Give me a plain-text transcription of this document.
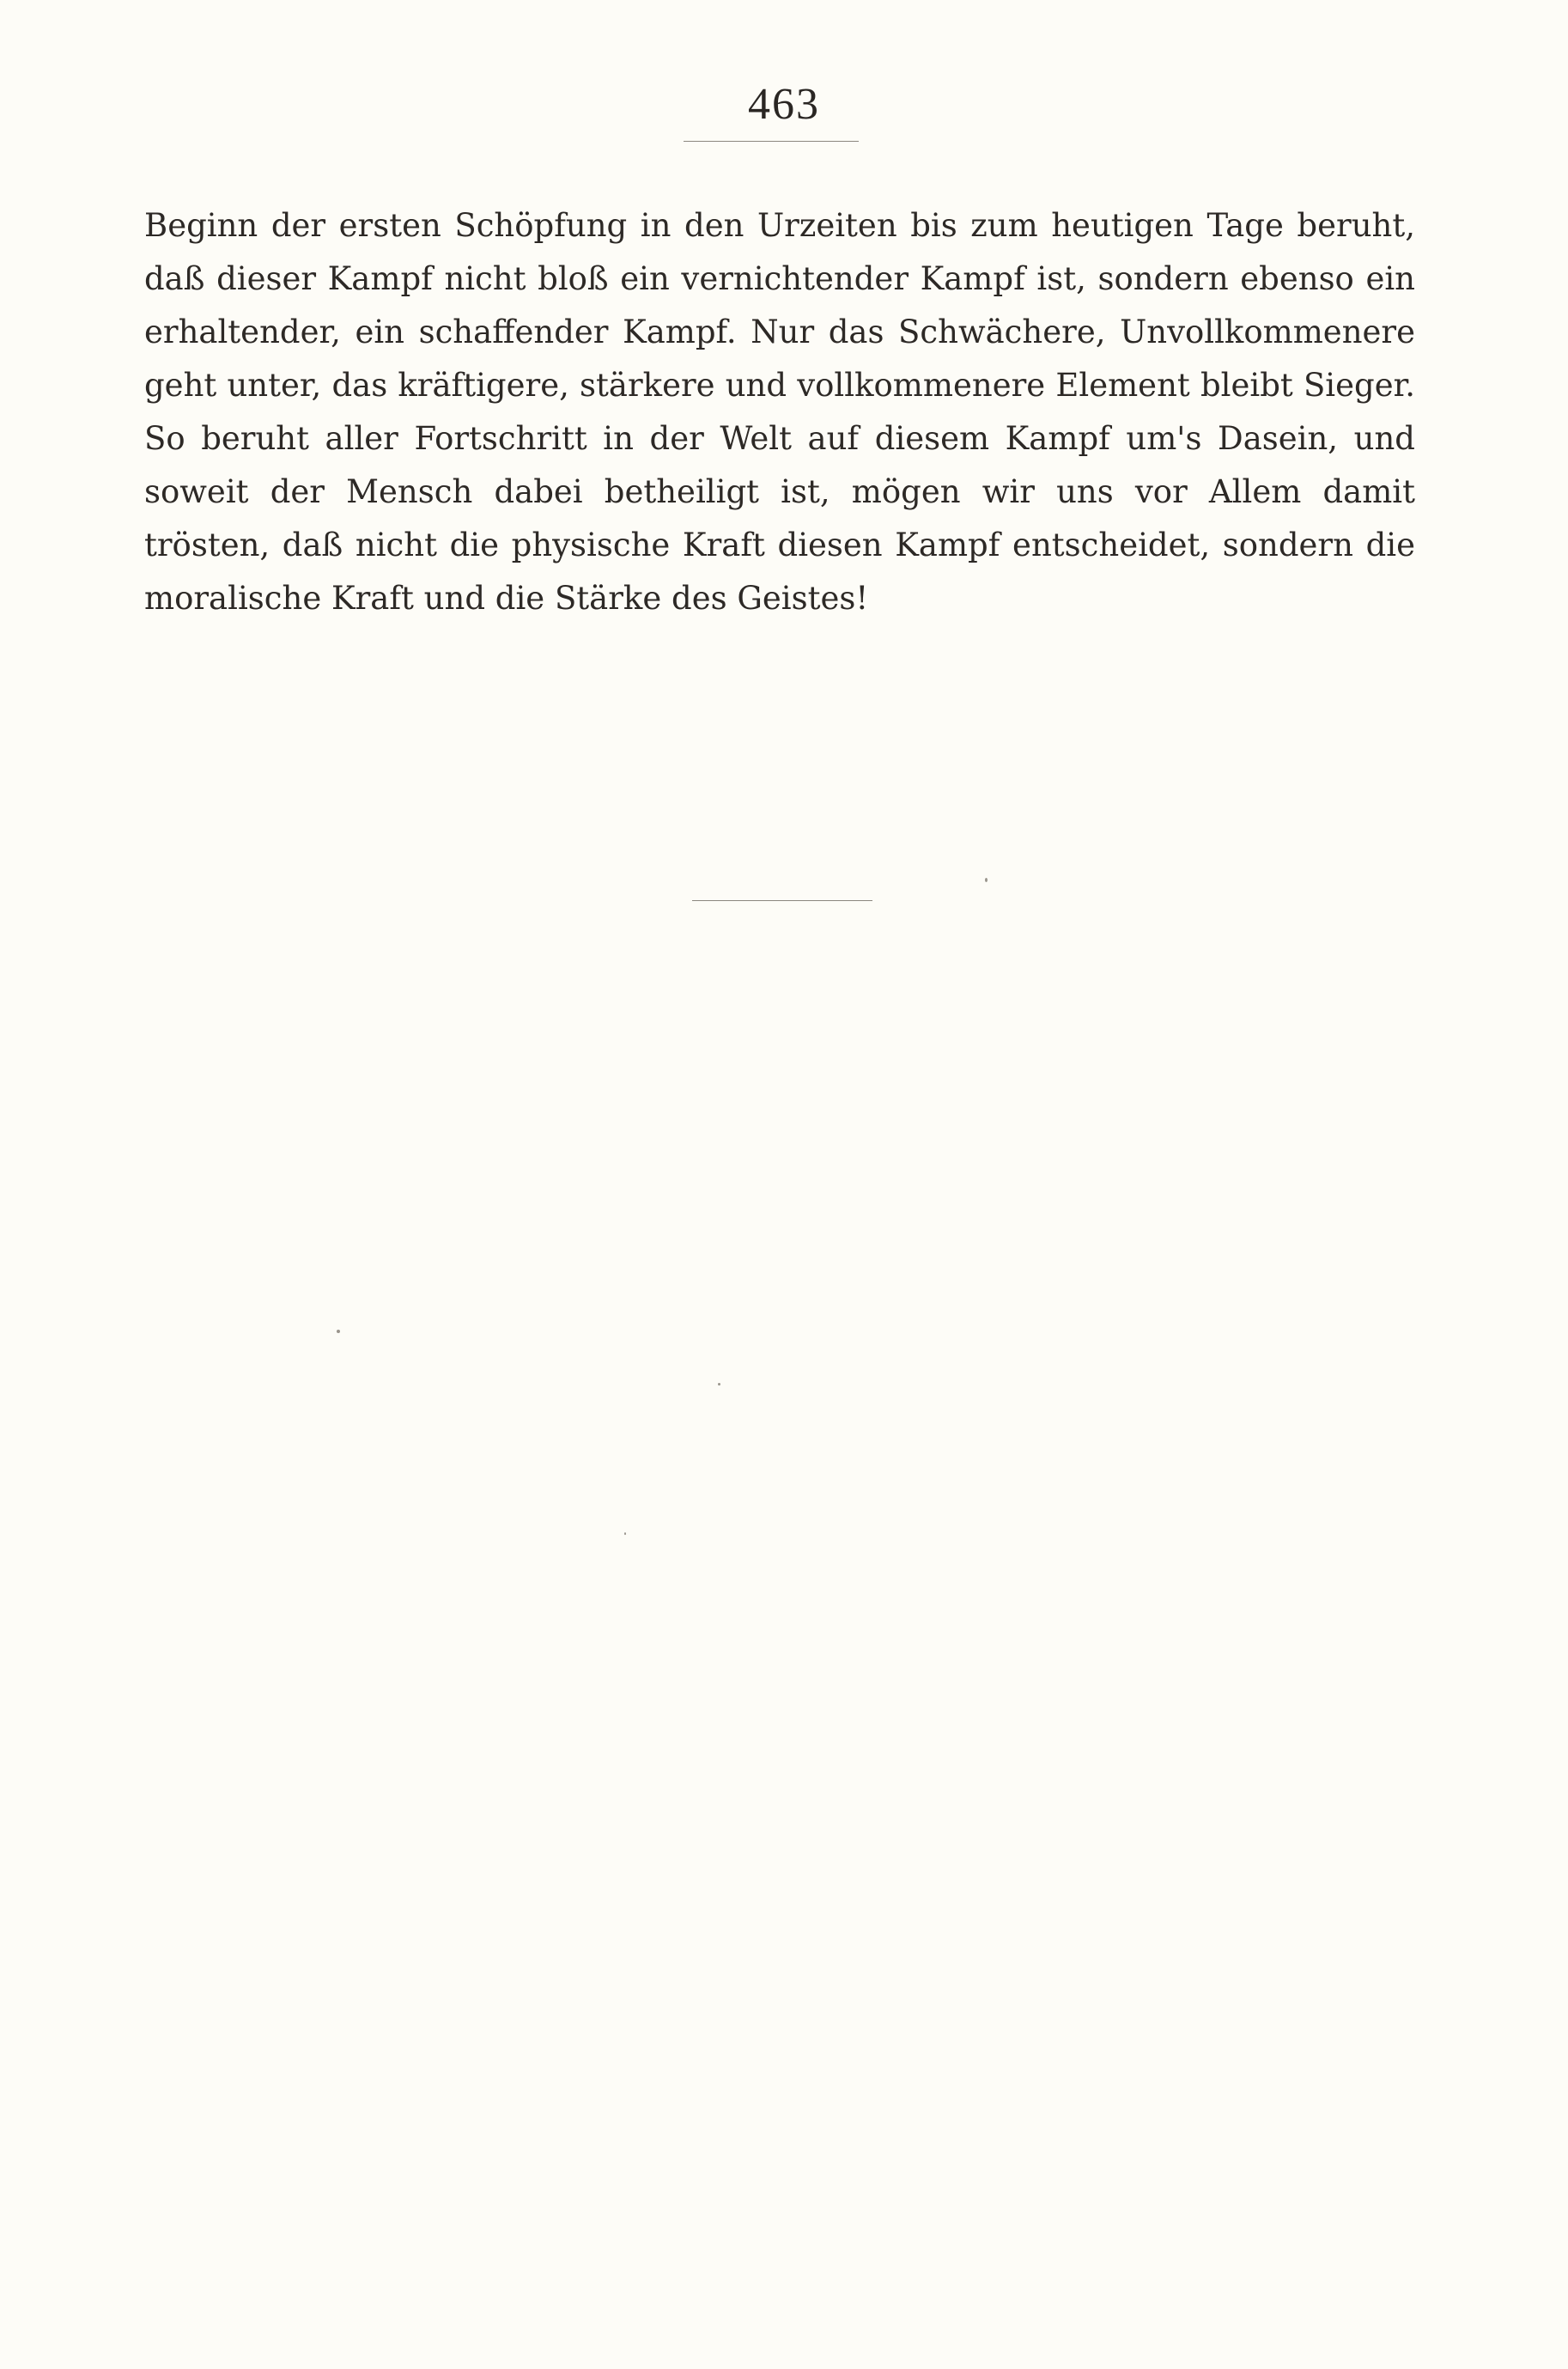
463

Beginn der ersten Schöpfung in den Urzeiten bis zum heutigen Tage beruht, daß dieser Kampf nicht bloß ein vernichtender Kampf ist, sondern ebenso ein erhaltender, ein schaffender Kampf. Nur das Schwächere, Unvollkommenere geht unter, das kräftigere, stärkere und vollkommenere Element bleibt Sieger. So beruht aller Fortschritt in der Welt auf diesem Kampf um's Dasein, und soweit der Mensch dabei betheiligt ist, mögen wir uns vor Allem damit trösten, daß nicht die physische Kraft diesen Kampf entscheidet, sondern die moralische Kraft und die Stärke des Geistes!
